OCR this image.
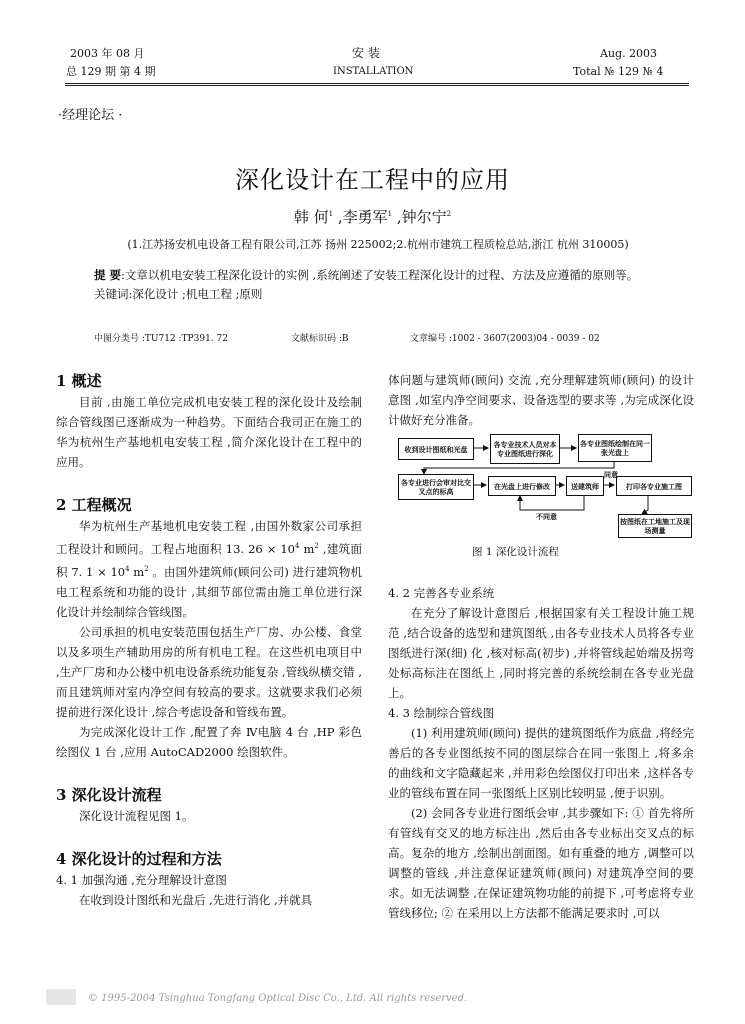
2003 年 08 月
总 129 期 第 4 期
安 装
INSTALLATION
Aug. 2003
Total № 129 № 4
·经理论坛 ·
深化设计在工程中的应用
韩 何$^1$ ,李勇军$^1$ ,钟尔宁$^2$
(1.江苏扬安机电设备工程有限公司,江苏 扬州 225002;2.杭州市建筑工程质检总站,浙江 杭州 310005)
提 要:文章以机电安装工程深化设计的实例 ,系统阐述了安装工程深化设计的过程、方法及应遵循的原则等。
关键词:深化设计 ;机电工程 ;原则
中图分类号 :TU712 :TP391. 72	文献标识码 :B	文章编号 :1002 - 3607(2003)04 - 0039 - 02
1 概述

目前 ,由施工单位完成机电安装工程的深化设计及绘制综合管线图已逐渐成为一种趋势。下面结合我司正在施工的华为杭州生产基地机电安装工程 ,简介深化设计在工程中的应用。

2 工程概况

华为杭州生产基地机电安装工程 ,由国外数家公司承担工程设计和顾问。工程占地面积 13. $26 \times 10^4$ $m^2$ ,建筑面积 7. $1 \times 10^4$ $m^2$ 。由国外建筑师(顾问公司) 进行建筑物机电工程系统和功能的设计 ,其细节部位需由施工单位进行深化设计并绘制综合管线图。

公司承担的机电安装范围包括生产厂房、办公楼、食堂以及多项生产辅助用房的所有机电工程。在这些机电项目中 ,生产厂房和办公楼中机电设备系统功能复杂 ,管线纵横交错 ,而且建筑师对室内净空间有较高的要求。这就要求我们必须提前进行深化设计 ,综合考虑设备和管线布置。

为完成深化设计工作 ,配置了奔 Ⅳ电脑 4 台 ,HP 彩色绘图仪 1 台 ,应用 AutoCAD2000 绘图软件。

3 深化设计流程

深化设计流程见图 1。

4 深化设计的过程和方法
4. 1 加强沟通 ,充分理解设计意图

在收到设计图纸和光盘后 ,先进行消化 ,并就具

体问题与建筑师(顾问) 交流 ,充分理解建筑师(顾问) 的设计意图 ,如室内净空间要求、设备选型的要求等 ,为完成深化设计做好充分准备。

收到设计图纸和光盘	各专业技术人员对本专业图纸进行深化
各专业图纸绘制在同一张光盘上
各专业进行会审对比交叉点的标高
在光盘上进行修改	送建筑师	打印各专业施工图
按图纸在工地施工及现场测量
同意
不同意
图 1 深化设计流程
4. 2 完善各专业系统

在充分了解设计意图后 ,根据国家有关工程设计施工规范 ,结合设备的选型和建筑图纸 ,由各专业技术人员将各专业图纸进行深(细) 化 ,核对标高(初步) ,并将管线起始端及拐弯处标高标注在图纸上 ,同时将完善的系统绘制在各专业光盘上。

4. 3 绘制综合管线图

(1) 利用建筑师(顾问) 提供的建筑图纸作为底盘 ,将经完善后的各专业图纸按不同的图层综合在同一张图上 ,将多余的曲线和文字隐藏起来 ,并用彩色绘图仪打印出来 ,这样各专业的管线布置在同一张图纸上区别比较明显 ,便于识别。

(2) 会同各专业进行图纸会审 ,其步骤如下: ① 首先将所有管线有交叉的地方标注出 ,然后由各专业标出交叉点的标高。复杂的地方 ,绘制出剖面图。如有重叠的地方 ,调整可以调整的管线 ,并注意保证建筑师(顾问) 对建筑净空间的要求。如无法调整 ,在保证建筑物功能的前提下 ,可考虑将专业管线移位; ② 在采用以上方法都不能满足要求时 ,可以

© 1995-2004 Tsinghua Tongfang Optical Disc Co., Ltd. All rights reserved.
